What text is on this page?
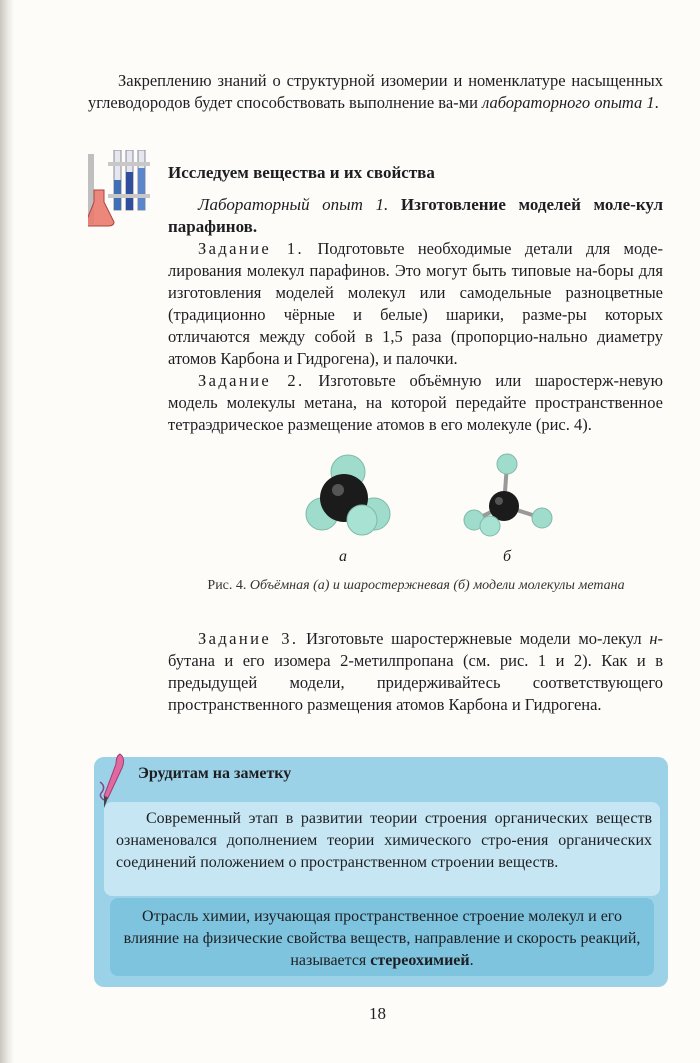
Закреплению знаний о структурной изомерии и номенклатуре насыщенных углеводородов будет способствовать выполнение ва-ми лабораторного опыта 1.

Исследуем вещества и их свойства

Лабораторный опыт 1. Изготовление моделей моле-кул парафинов.

Задание 1. Подготовьте необходимые детали для моде-лирования молекул парафинов. Это могут быть типовые на-боры для изготовления моделей молекул или самодельные разноцветные (традиционно чёрные и белые) шарики, разме-ры которых отличаются между собой в 1,5 раза (пропорцио-нально диаметру атомов Карбона и Гидрогена), и палочки.

Задание 2. Изготовьте объёмную или шаростерж-невую модель молекулы метана, на которой передайте пространственное тетраэдрическое размещение атомов в его молекуле (рис. 4).

а	б
Рис. 4. Объёмная (а) и шаростержневая (б) модели молекулы метана

Задание 3. Изготовьте шаростержневые модели мо-лекул н-бутана и его изомера 2-метилпропана (см. рис. 1 и 2). Как и в предыдущей модели, придерживайтесь соответствующего пространственного размещения атомов Карбона и Гидрогена.

Эрудитам на заметку

Современный этап в развитии теории строения органических веществ ознаменовался дополнением теории химического стро-ения органических соединений положением о пространственном строении веществ.

Отрасль химии, изучающая пространственное строение молекул и его влияние на физические свойства веществ, направление и скорость реакций, называется стереохимией.

18
